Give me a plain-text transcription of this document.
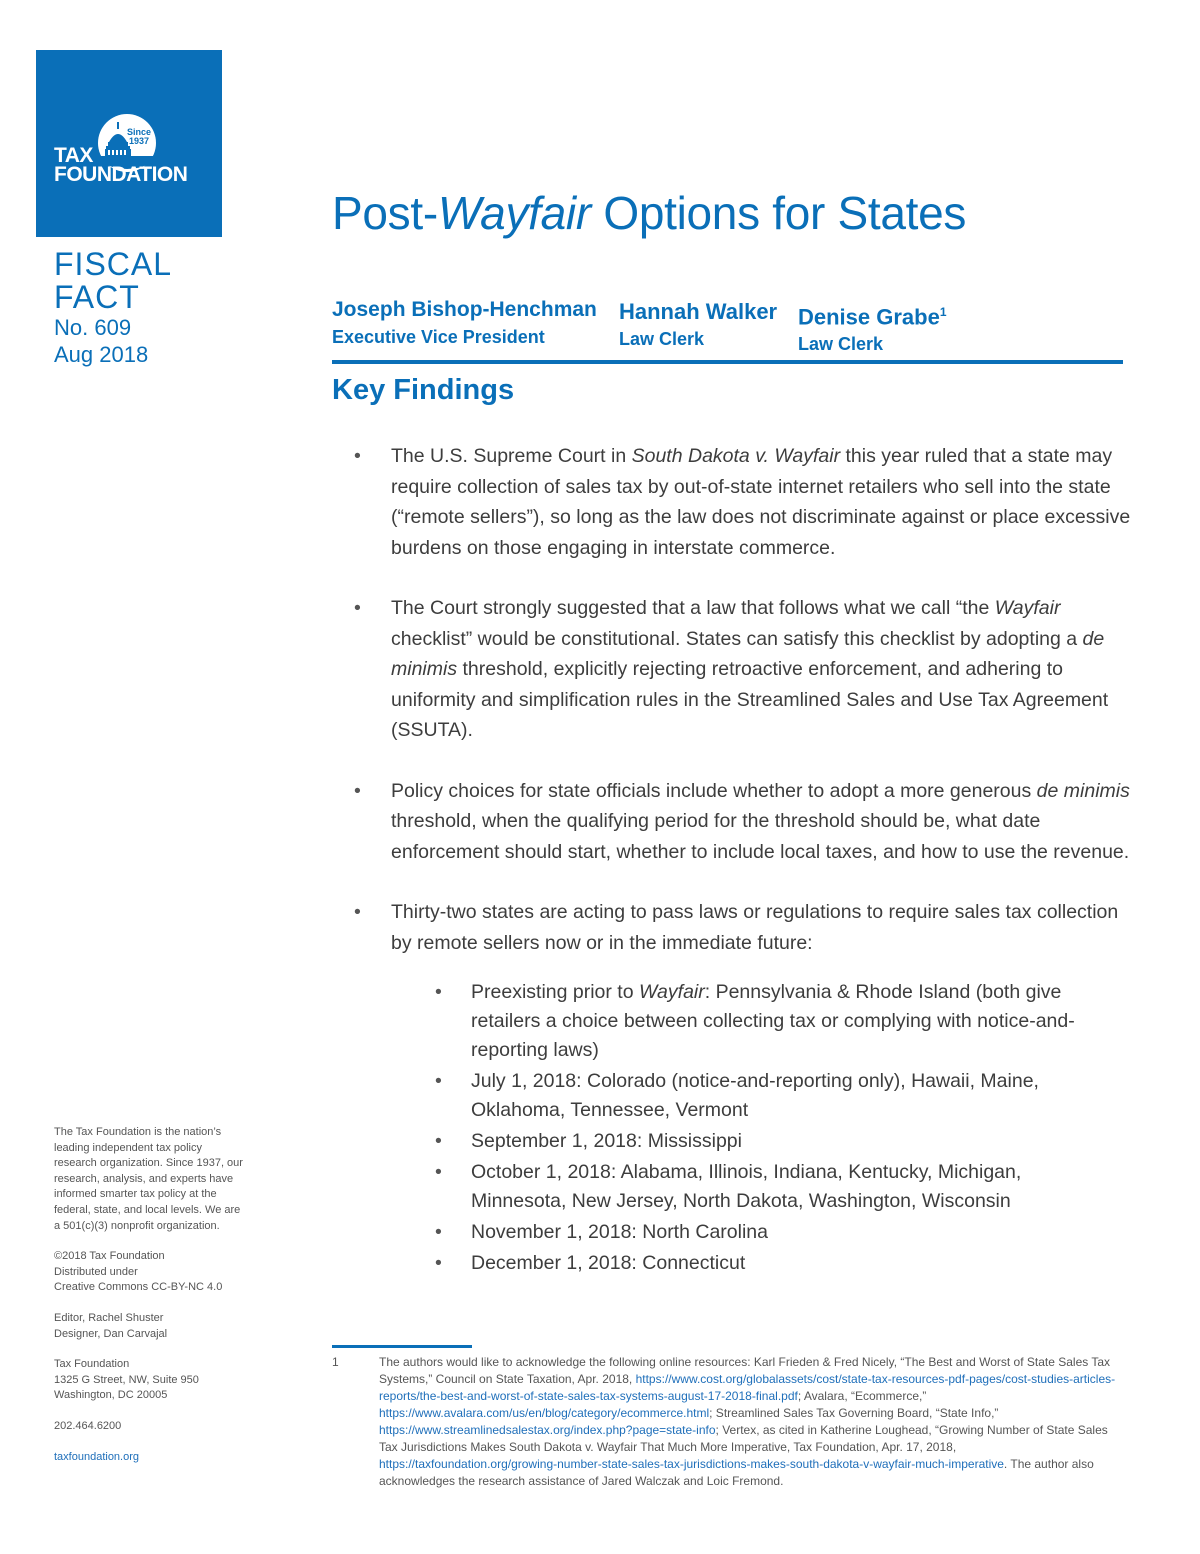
Since
1937
TAX
FOUNDATION
FISCAL
FACT
No. 609
Aug 2018
Post-Wayfair Options for States
Joseph Bishop-Henchman
Executive Vice President
Hannah Walker
Law Clerk
Denise Grabe$^1$
Law Clerk
Key Findings
• The U.S. Supreme Court in South Dakota v. Wayfair this year ruled that a state may require collection of sales tax by out-of-state internet retailers who sell into the state (“remote sellers”), so long as the law does not discriminate against or place excessive burdens on those engaging in interstate commerce.
• The Court strongly suggested that a law that follows what we call “the Wayfair checklist” would be constitutional. States can satisfy this checklist by adopting a de minimis threshold, explicitly rejecting retroactive enforcement, and adhering to uniformity and simplification rules in the Streamlined Sales and Use Tax Agreement (SSUTA).
• Policy choices for state officials include whether to adopt a more generous de minimis threshold, when the qualifying period for the threshold should be, what date enforcement should start, whether to include local taxes, and how to use the revenue.
• Thirty-two states are acting to pass laws or regulations to require sales tax collection by remote sellers now or in the immediate future:
• Preexisting prior to Wayfair: Pennsylvania & Rhode Island (both give retailers a choice between collecting tax or complying with notice-and-reporting laws)
• July 1, 2018: Colorado (notice-and-reporting only), Hawaii, Maine, Oklahoma, Tennessee, Vermont
• September 1, 2018: Mississippi
• October 1, 2018: Alabama, Illinois, Indiana, Kentucky, Michigan, Minnesota, New Jersey, North Dakota, Washington, Wisconsin
• November 1, 2018: North Carolina
• December 1, 2018: Connecticut

The Tax Foundation is the nation’s leading independent tax policy research organization. Since 1937, our research, analysis, and experts have informed smarter tax policy at the federal, state, and local levels. We are a 501(c)(3) nonprofit organization.

©2018 Tax Foundation
Distributed under
Creative Commons CC-BY-NC 4.0

Editor, Rachel Shuster
Designer, Dan Carvajal

Tax Foundation
1325 G Street, NW, Suite 950
Washington, DC 20005

202.464.6200

taxfoundation.org

1	The authors would like to acknowledge the following online resources: Karl Frieden & Fred Nicely, “The Best and Worst of State Sales Tax Systems,” Council on State Taxation, Apr. 2018, https://www.cost.org/globalassets/cost/state-tax-resources-pdf-pages/cost-studies-articles-reports/the-best-and-worst-of-state-sales-tax-systems-august-17-2018-final.pdf; Avalara, “Ecommerce,” https://www.avalara.com/us/en/blog/category/ecommerce.html; Streamlined Sales Tax Governing Board, “State Info,” https://www.streamlinedsalestax.org/index.php?page=state-info; Vertex, as cited in Katherine Loughead, “Growing Number of State Sales Tax Jurisdictions Makes South Dakota v. Wayfair That Much More Imperative, Tax Foundation, Apr. 17, 2018, https://taxfoundation.org/growing-number-state-sales-tax-jurisdictions-makes-south-dakota-v-wayfair-much-imperative. The author also acknowledges the research assistance of Jared Walczak and Loic Fremond.
